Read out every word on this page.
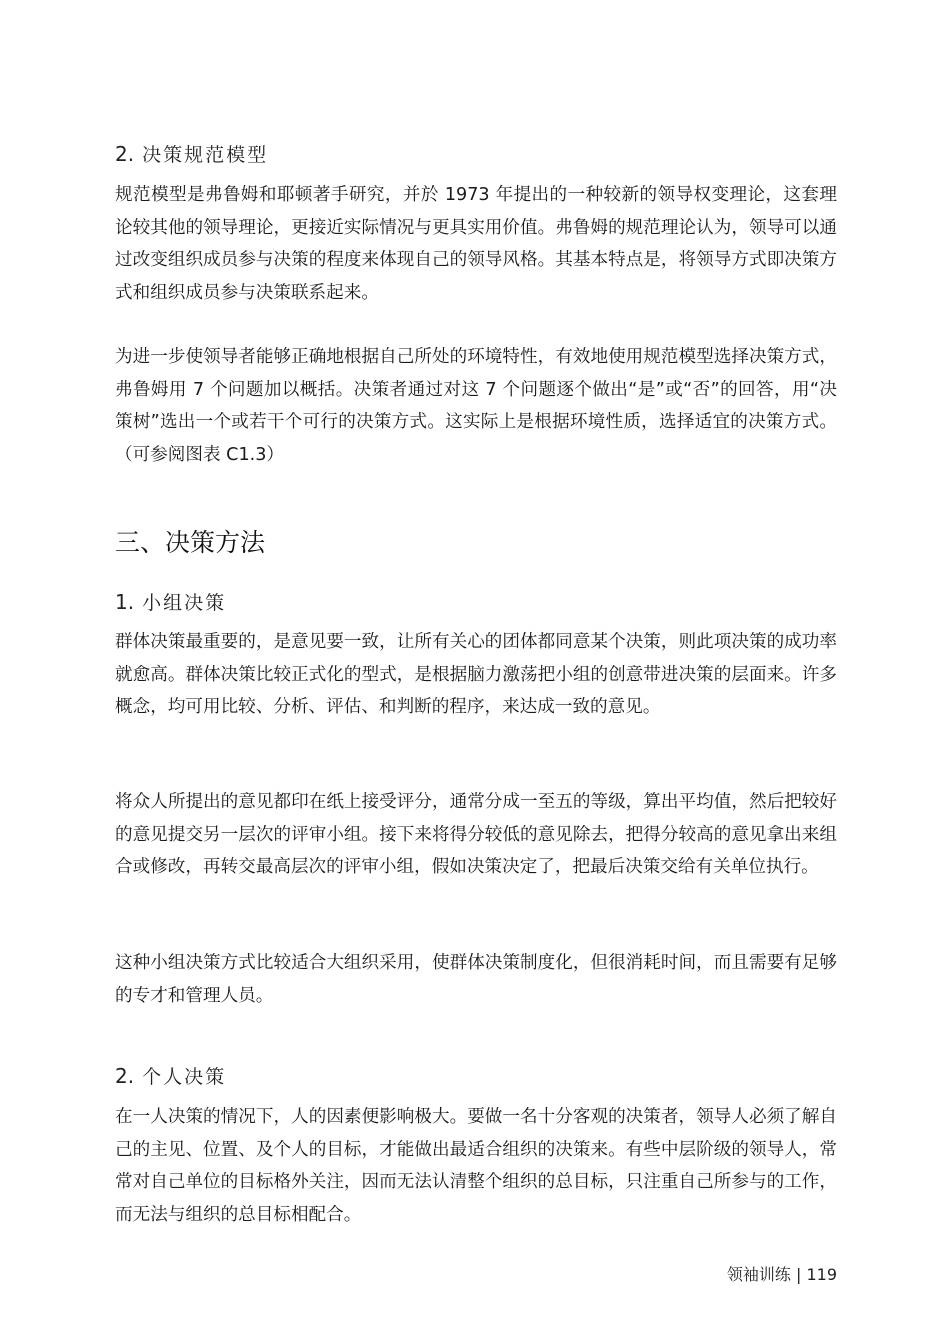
2. 决策规范模型

规范模型是弗鲁姆和耶顿著手研究，并於 1973 年提出的一种较新的领导权变理论，这套理论较其他的领导理论，更接近实际情况与更具实用价值。弗鲁姆的规范理论认为，领导可以通过改变组织成员参与决策的程度来体现自己的领导风格。其基本特点是，将领导方式即决策方式和组织成员参与决策联系起来。

为进一步使领导者能够正确地根据自己所处的环境特性，有效地使用规范模型选择决策方式，弗鲁姆用 7 个问题加以概括。决策者通过对这 7 个问题逐个做出“是”或“否”的回答，用“决策树”选出一个或若干个可行的决策方式。这实际上是根据环境性质，选择适宜的决策方式。（可参阅图表 C1.3）

三、决策方法
1. 小组决策

群体决策最重要的，是意见要一致，让所有关心的团体都同意某个决策，则此项决策的成功率就愈高。群体决策比较正式化的型式，是根据脑力激荡把小组的创意带进决策的层面来。许多概念，均可用比较、分析、评估、和判断的程序，来达成一致的意见。

将众人所提出的意见都印在纸上接受评分，通常分成一至五的等级，算出平均值，然后把较好的意见提交另一层次的评审小组。接下来将得分较低的意见除去，把得分较高的意见拿出来组合或修改，再转交最高层次的评审小组，假如决策决定了，把最后决策交给有关单位执行。

这种小组决策方式比较适合大组织采用，使群体决策制度化，但很消耗时间，而且需要有足够的专才和管理人员。

2. 个人决策

在一人决策的情况下，人的因素便影响极大。要做一名十分客观的决策者，领导人必须了解自己的主见、位置、及个人的目标，才能做出最适合组织的决策来。有些中层阶级的领导人，常常对自己单位的目标格外关注，因而无法认清整个组织的总目标，只注重自己所参与的工作，而无法与组织的总目标相配合。

领袖训练 | 119
